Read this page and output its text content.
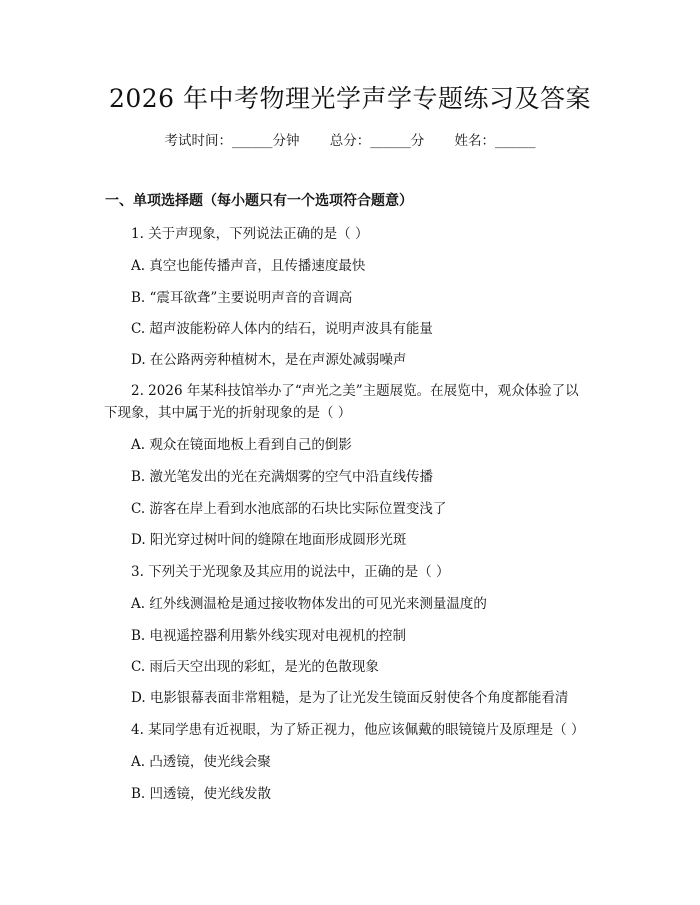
2026 年中考物理光学声学专题练习及答案
考试时间：______分钟 总分：______分 姓名：______
一、单项选择题（每小题只有一个选项符合题意）
1. 关于声现象，下列说法正确的是（ ）
A. 真空也能传播声音，且传播速度最快
B. “震耳欲聋”主要说明声音的音调高
C. 超声波能粉碎人体内的结石，说明声波具有能量
D. 在公路两旁种植树木，是在声源处减弱噪声
2. 2026 年某科技馆举办了“声光之美”主题展览。在展览中，观众体验了以
下现象，其中属于光的折射现象的是（ ）
A. 观众在镜面地板上看到自己的倒影
B. 激光笔发出的光在充满烟雾的空气中沿直线传播
C. 游客在岸上看到水池底部的石块比实际位置变浅了
D. 阳光穿过树叶间的缝隙在地面形成圆形光斑
3. 下列关于光现象及其应用的说法中，正确的是（ ）
A. 红外线测温枪是通过接收物体发出的可见光来测量温度的
B. 电视遥控器利用紫外线实现对电视机的控制
C. 雨后天空出现的彩虹，是光的色散现象
D. 电影银幕表面非常粗糙，是为了让光发生镜面反射使各个角度都能看清
4. 某同学患有近视眼，为了矫正视力，他应该佩戴的眼镜镜片及原理是（ ）
A. 凸透镜，使光线会聚
B. 凹透镜，使光线发散
